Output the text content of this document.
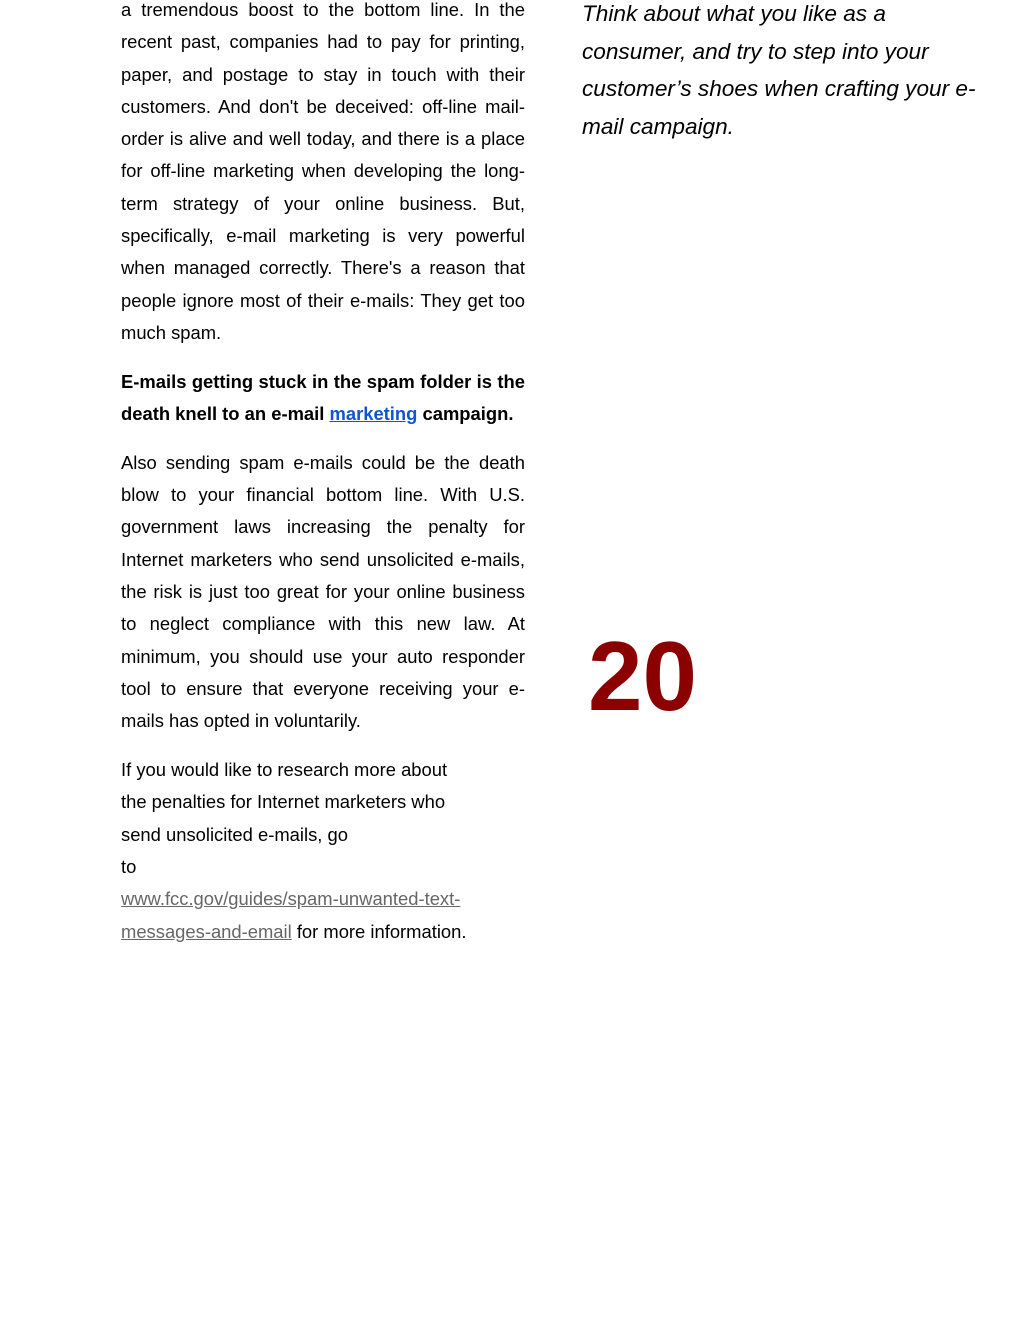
a tremendous boost to the bottom line. In the recent past, companies had to pay for printing, paper, and postage to stay in touch with their customers. And don't be deceived: off-line mail-order is alive and well today, and there is a place for off-line marketing when developing the long- term strategy of your online business. But, specifically, e-mail marketing is very powerful when managed correctly. There's a reason that people ignore most of their e-mails: They get too much spam.

E-mails getting stuck in the spam folder is the death knell to an e-mail marketing campaign.

Also sending spam e-mails could be the death blow to your financial bottom line. With U.S. government laws increasing the penalty for Internet marketers who send unsolicited e-mails, the risk is just too great for your online business to neglect compliance with this new law. At minimum, you should use your auto responder tool to ensure that everyone receiving your e-mails has opted in voluntarily.

If you would like to research more about
the penalties for Internet marketers who
send unsolicited e-mails, go
to
www.fcc.gov/guides/spam-unwanted-text-
messages-and-email for more information.

Think about what you like as a consumer, and try to step into your customer’s shoes when crafting your e-mail campaign.
20
